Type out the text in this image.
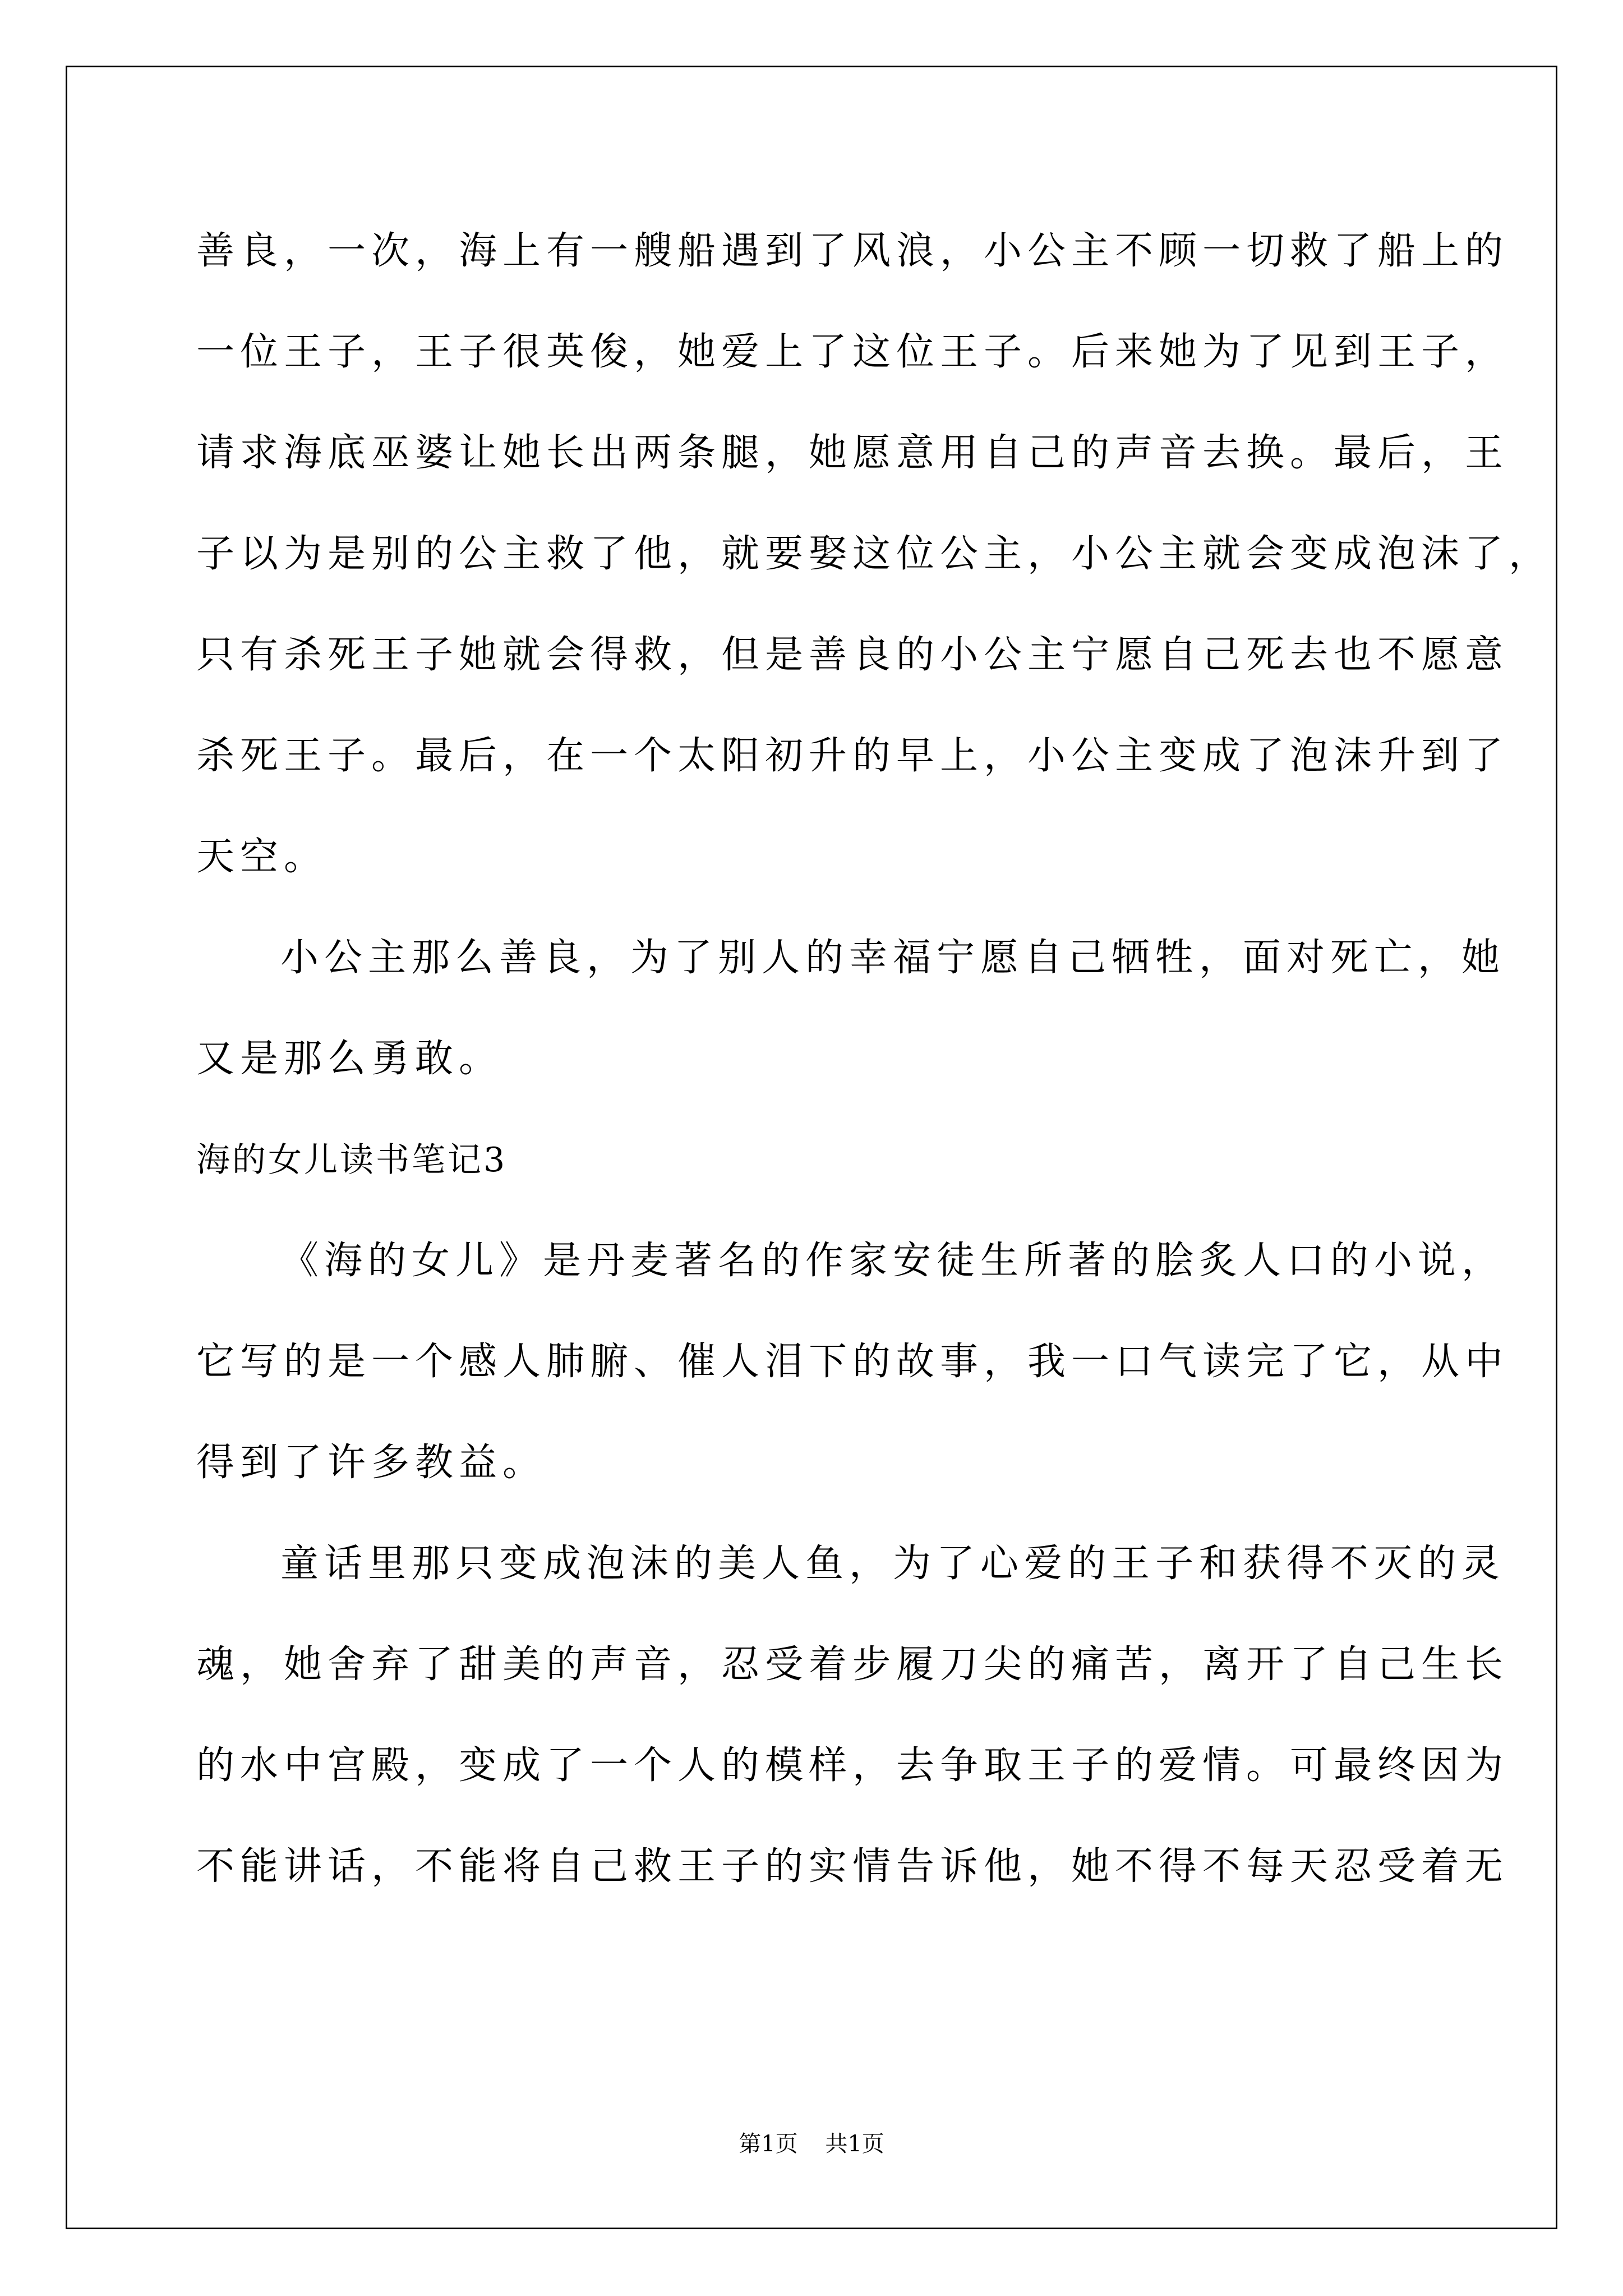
善良，一次，海上有一艘船遇到了风浪，小公主不顾一切救了船上的
一位王子，王子很英俊，她爱上了这位王子。后来她为了见到王子，
请求海底巫婆让她长出两条腿，她愿意用自己的声音去换。最后，王
子以为是别的公主救了他，就要娶这位公主，小公主就会变成泡沫了，
只有杀死王子她就会得救，但是善良的小公主宁愿自己死去也不愿意
杀死王子。最后，在一个太阳初升的早上，小公主变成了泡沫升到了
天空。
小公主那么善良，为了别人的幸福宁愿自己牺牲，面对死亡，她
又是那么勇敢。
海的女儿读书笔记3
《海的女儿》是丹麦著名的作家安徒生所著的脍炙人口的小说，
它写的是一个感人肺腑、催人泪下的故事，我一口气读完了它，从中
得到了许多教益。
童话里那只变成泡沫的美人鱼，为了心爱的王子和获得不灭的灵
魂，她舍弃了甜美的声音，忍受着步履刀尖的痛苦，离开了自己生长
的水中宫殿，变成了一个人的模样，去争取王子的爱情。可最终因为
不能讲话，不能将自己救王子的实情告诉他，她不得不每天忍受着无
第1页 共1页
